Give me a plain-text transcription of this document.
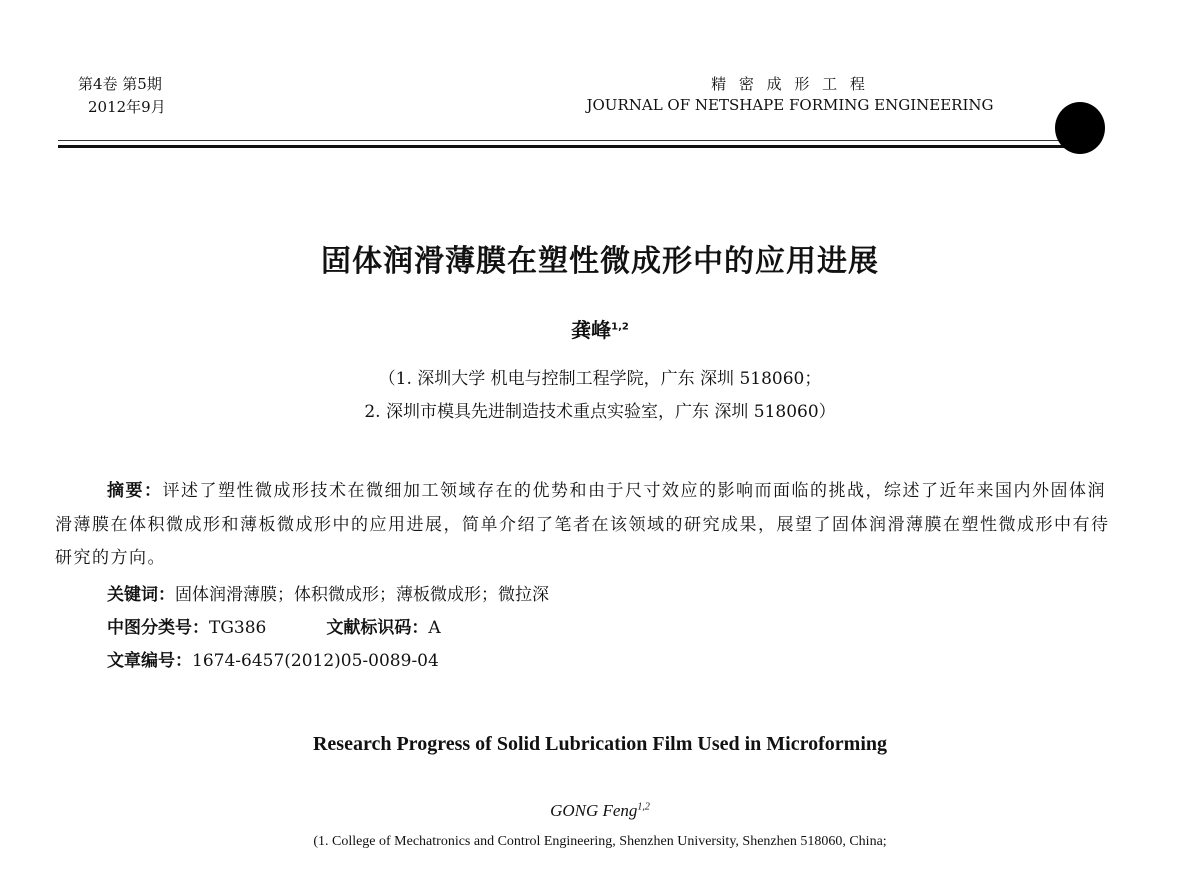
第4卷 第5期
2012年9月
精 密 成 形 工 程
JOURNAL OF NETSHAPE FORMING ENGINEERING
固体润滑薄膜在塑性微成形中的应用进展
龚峰$^{1,2}$
（1. 深圳大学 机电与控制工程学院，广东 深圳 518060；
2. 深圳市模具先进制造技术重点实验室，广东 深圳 518060）
摘要：评述了塑性微成形技术在微细加工领域存在的优势和由于尺寸效应的影响而面临的挑战，综述了近年来国内外固体润滑薄膜在体积微成形和薄板微成形中的应用进展，简单介绍了笔者在该领域的研究成果，展望了固体润滑薄膜在塑性微成形中有待研究的方向。
关键词：固体润滑薄膜；体积微成形；薄板微成形；微拉深
中图分类号：TG386	文献标识码：A
文章编号：1674-6457(2012)05-0089-04
Research Progress of Solid Lubrication Film Used in Microforming
GONG Feng$^{1,2}$
(1. College of Mechatronics and Control Engineering, Shenzhen University, Shenzhen 518060, China;
